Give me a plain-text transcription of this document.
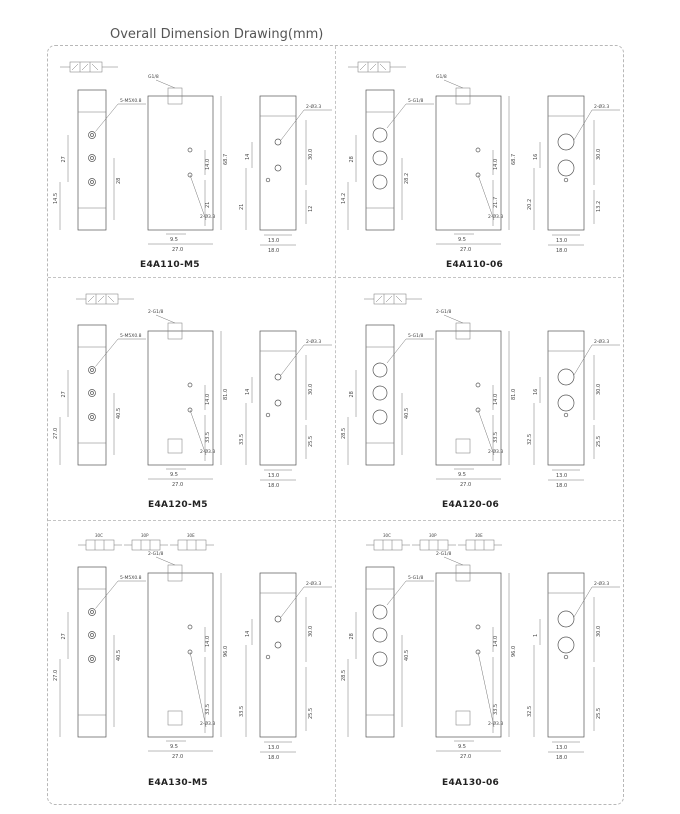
Overall Dimension Drawing(mm)
5-M5X0.8
27
14.5
28
G1/8
2-Ø3.3
68.7
14.0
21
9.5
27.0
2-Ø3.3
14
21
30.0
12
13.0
18.0
E4A110-M5
5-G1/8
28
14.2
28.2
G1/8
2-Ø3.3
68.7
14.0
21.7
9.5
27.0
2-Ø3.3
16
20.2
30.0
13.2
13.0
18.0
E4A110-06
5-M5X0.8
27
27.0
40.5
2-G1/8
2-Ø3.3
81.0
14.0
33.5
9.5
27.0
2-Ø3.3
14
33.5
30.0
25.5
13.0
18.0
E4A120-M5
5-G1/8
28
28.5
40.5
2-G1/8
2-Ø3.3
81.0
14.0
33.5
9.5
27.0
2-Ø3.3
16
32.5
30.0
25.5
13.0
18.0
E4A120-06
30C	30P	30E
5-M5X0.8
27
27.0
40.5
2-G1/8
2-Ø3.3
96.0
14.0
33.5
9.5
27.0
2-Ø3.3
14
33.5
30.0
25.5
13.0
18.0
E4A130-M5
30C	30P	30E
5-G1/8
28
28.5
40.5
2-G1/8
2-Ø3.3
96.0
14.0
33.5
9.5
27.0
2-Ø3.3
1
32.5
30.0
25.5
13.0
18.0
E4A130-06
